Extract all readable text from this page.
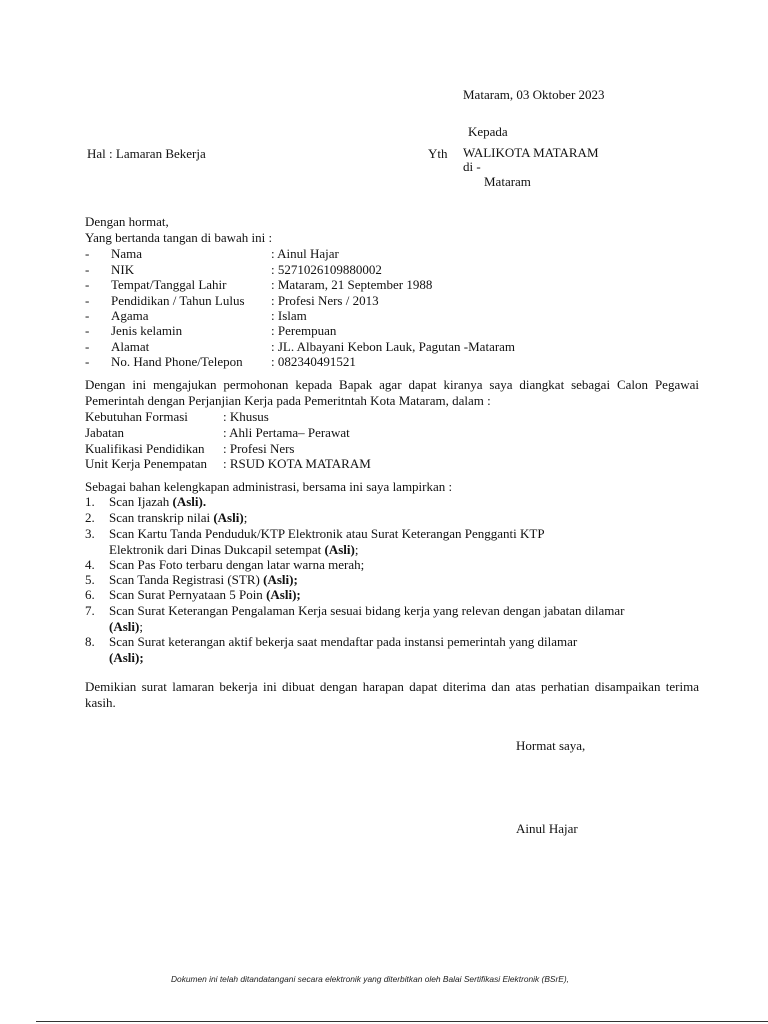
Mataram, 03 Oktober 2023
Kepada
Hal : Lamaran Bekerja	Yth WALIKOTA MATARAM
di -
Mataram
Dengan hormat,
Yang bertanda tangan di bawah ini :
- Nama	: Ainul Hajar
- NIK	: 5271026109880002
- Tempat/Tanggal Lahir	: Mataram, 21 September 1988
- Pendidikan / Tahun Lulus : Profesi Ners / 2013
- Agama	: Islam
- Jenis kelamin	: Perempuan
- Alamat	: JL. Albayani Kebon Lauk, Pagutan -Mataram
- No. Hand Phone/Telepon : 082340491521
Dengan ini mengajukan permohonan kepada Bapak agar dapat kiranya saya diangkat sebagai Calon Pegawai Pemerintah dengan Perjanjian Kerja pada Pemeritntah Kota Mataram, dalam :
Kebutuhan Formasi	: Khusus
Jabatan	: Ahli Pertama– Perawat
Kualifikasi Pendidikan : Profesi Ners
Unit Kerja Penempatan : RSUD KOTA MATARAM
Sebagai bahan kelengkapan administrasi, bersama ini saya lampirkan :
1. Scan Ijazah (Asli).
2. Scan transkrip nilai (Asli);
3. Scan Kartu Tanda Penduduk/KTP Elektronik atau Surat Keterangan Pengganti KTP
Elektronik dari Dinas Dukcapil setempat (Asli);
4. Scan Pas Foto terbaru dengan latar warna merah;
5. Scan Tanda Registrasi (STR) (Asli);
6. Scan Surat Pernyataan 5 Poin (Asli);
7. Scan Surat Keterangan Pengalaman Kerja sesuai bidang kerja yang relevan dengan jabatan dilamar
(Asli);
8. Scan Surat keterangan aktif bekerja saat mendaftar pada instansi pemerintah yang dilamar
(Asli);
Demikian surat lamaran bekerja ini dibuat dengan harapan dapat diterima dan atas perhatian disampaikan terima kasih.
Hormat saya,
Ainul Hajar
Dokumen ini telah ditandatangani secara elektronik yang diterbitkan oleh Balai Sertifikasi Elektronik (BSrE),
